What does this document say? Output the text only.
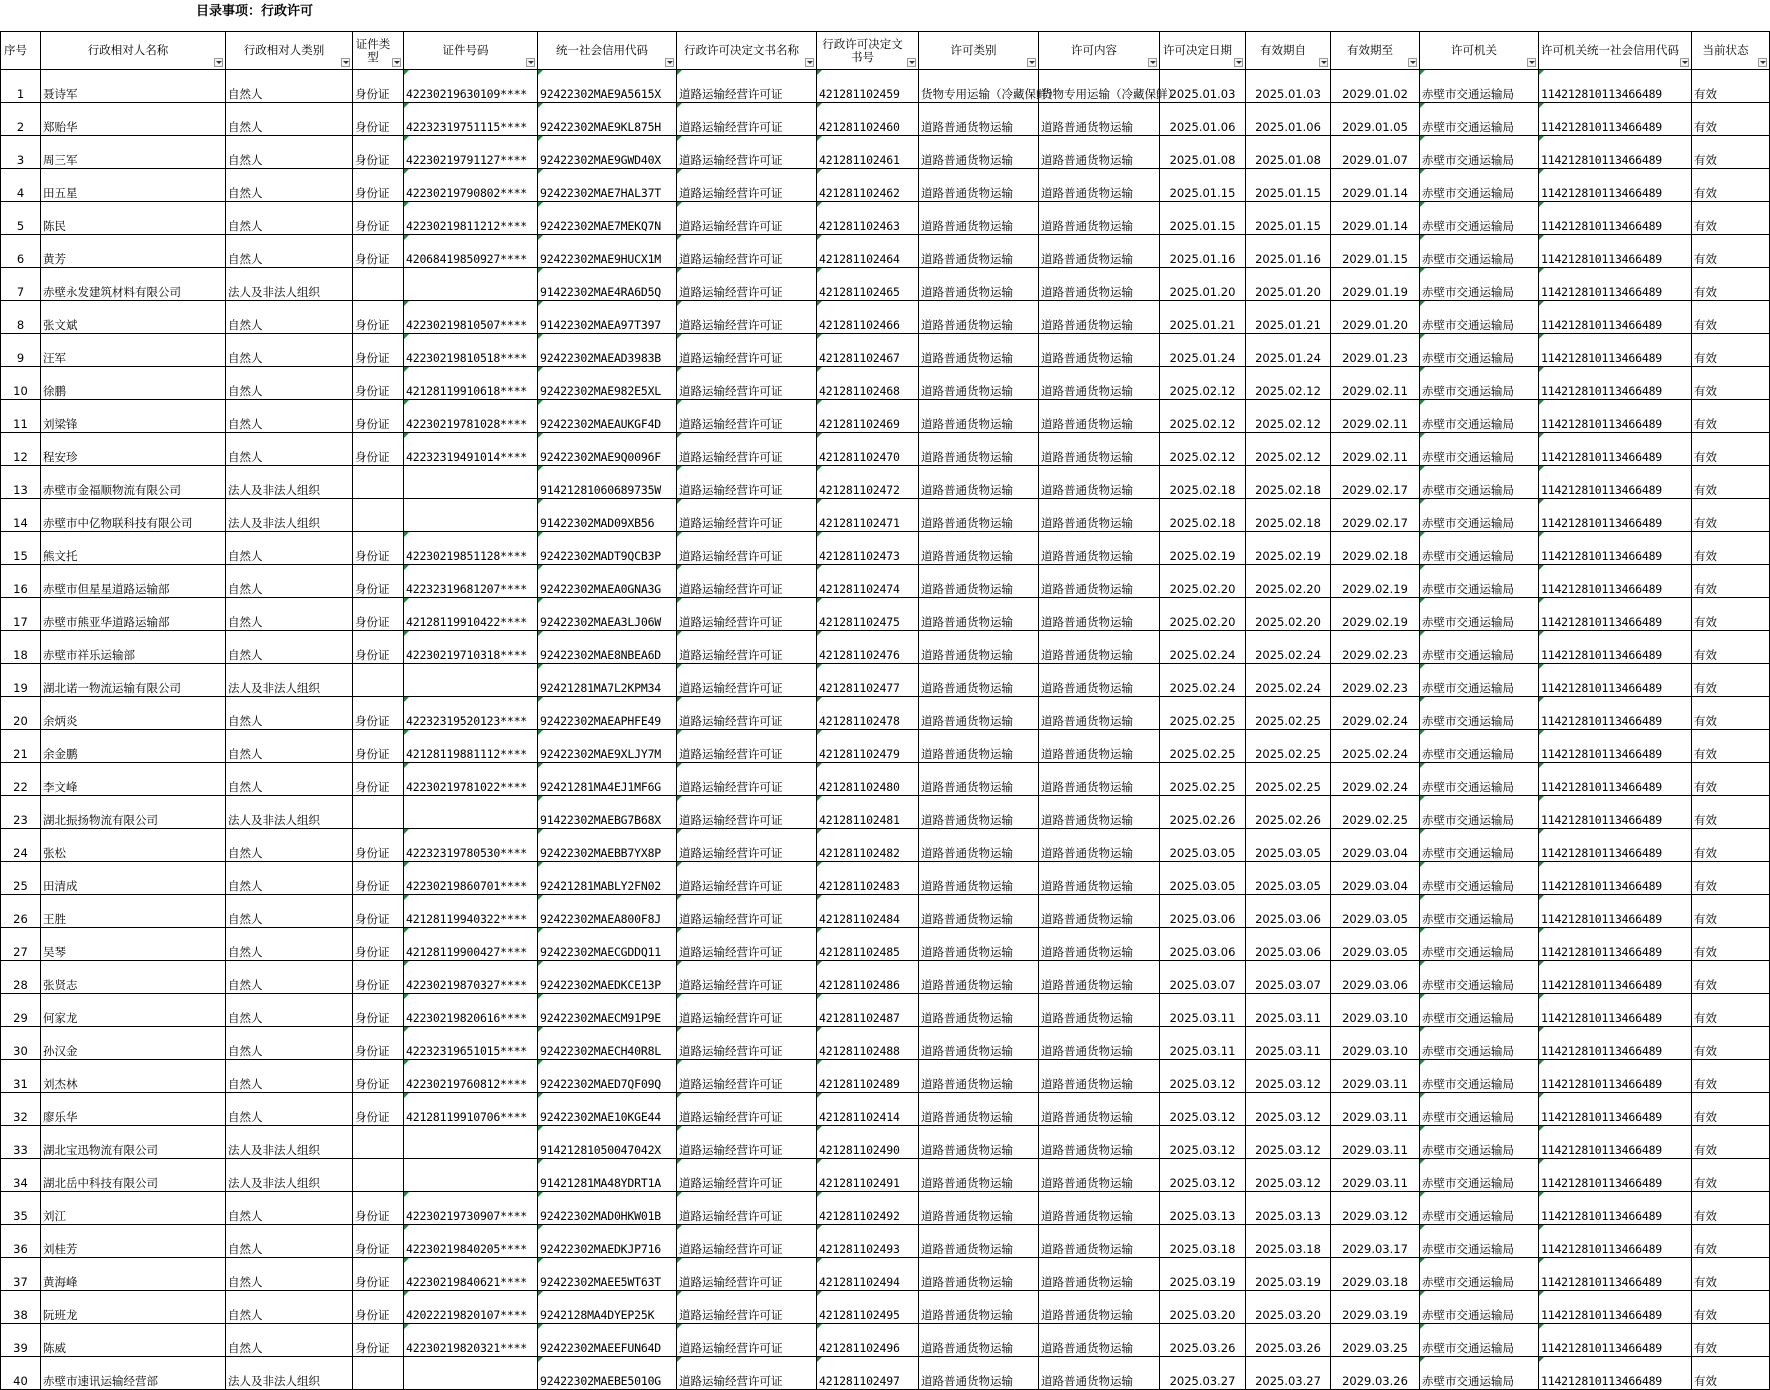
目录事项：行政许可
序号	行政相对人名称	行政相对人类别	证件类型	证件号码	统一社会信用代码	行政许可决定文书名称	行政许可决定文书号	许可类别	许可内容	许可决定日期	有效期自	有效期至	许可机关	许可机关统一社会信用代码	当前状态

1	聂诗军	自然人	身份证	42230219630109****	92422302MAE9A5615X	道路运输经营许可证	421281102459	货物专用运输（冷藏保鲜）	货物专用运输（冷藏保鲜）	2025.01.03	2025.01.03	2029.01.02	赤壁市交通运输局	114212810113466489	有效
2	郑贻华	自然人	身份证	42232319751115****	92422302MAE9KL875H	道路运输经营许可证	421281102460	道路普通货物运输	道路普通货物运输	2025.01.06	2025.01.06	2029.01.05	赤壁市交通运输局	114212810113466489	有效
3	周三军	自然人	身份证	42230219791127****	92422302MAE9GWD40X	道路运输经营许可证	421281102461	道路普通货物运输	道路普通货物运输	2025.01.08	2025.01.08	2029.01.07	赤壁市交通运输局	114212810113466489	有效
4	田五星	自然人	身份证	42230219790802****	92422302MAE7HAL37T	道路运输经营许可证	421281102462	道路普通货物运输	道路普通货物运输	2025.01.15	2025.01.15	2029.01.14	赤壁市交通运输局	114212810113466489	有效
5	陈民	自然人	身份证	42230219811212****	92422302MAE7MEKQ7N	道路运输经营许可证	421281102463	道路普通货物运输	道路普通货物运输	2025.01.15	2025.01.15	2029.01.14	赤壁市交通运输局	114212810113466489	有效
6	黄芳	自然人	身份证	42068419850927****	92422302MAE9HUCX1M	道路运输经营许可证	421281102464	道路普通货物运输	道路普通货物运输	2025.01.16	2025.01.16	2029.01.15	赤壁市交通运输局	114212810113466489	有效
7	赤壁永发建筑材料有限公司	法人及非法人组织			91422302MAE4RA6D5Q	道路运输经营许可证	421281102465	道路普通货物运输	道路普通货物运输	2025.01.20	2025.01.20	2029.01.19	赤壁市交通运输局	114212810113466489	有效
8	张文斌	自然人	身份证	42230219810507****	91422302MAEA97T397	道路运输经营许可证	421281102466	道路普通货物运输	道路普通货物运输	2025.01.21	2025.01.21	2029.01.20	赤壁市交通运输局	114212810113466489	有效
9	汪军	自然人	身份证	42230219810518****	92422302MAEAD3983B	道路运输经营许可证	421281102467	道路普通货物运输	道路普通货物运输	2025.01.24	2025.01.24	2029.01.23	赤壁市交通运输局	114212810113466489	有效
10	徐鹏	自然人	身份证	42128119910618****	92422302MAE982E5XL	道路运输经营许可证	421281102468	道路普通货物运输	道路普通货物运输	2025.02.12	2025.02.12	2029.02.11	赤壁市交通运输局	114212810113466489	有效
11	刘梁锋	自然人	身份证	42230219781028****	92422302MAEAUKGF4D	道路运输经营许可证	421281102469	道路普通货物运输	道路普通货物运输	2025.02.12	2025.02.12	2029.02.11	赤壁市交通运输局	114212810113466489	有效
12	程安珍	自然人	身份证	42232319491014****	92422302MAE9Q0096F	道路运输经营许可证	421281102470	道路普通货物运输	道路普通货物运输	2025.02.12	2025.02.12	2029.02.11	赤壁市交通运输局	114212810113466489	有效
13	赤壁市金福顺物流有限公司	法人及非法人组织			91421281060689735W	道路运输经营许可证	421281102472	道路普通货物运输	道路普通货物运输	2025.02.18	2025.02.18	2029.02.17	赤壁市交通运输局	114212810113466489	有效
14	赤壁市中亿物联科技有限公司	法人及非法人组织			91422302MAD09XB56	道路运输经营许可证	421281102471	道路普通货物运输	道路普通货物运输	2025.02.18	2025.02.18	2029.02.17	赤壁市交通运输局	114212810113466489	有效
15	熊文托	自然人	身份证	42230219851128****	92422302MADT9QCB3P	道路运输经营许可证	421281102473	道路普通货物运输	道路普通货物运输	2025.02.19	2025.02.19	2029.02.18	赤壁市交通运输局	114212810113466489	有效
16	赤壁市但星星道路运输部	自然人	身份证	42232319681207****	92422302MAEA0GNA3G	道路运输经营许可证	421281102474	道路普通货物运输	道路普通货物运输	2025.02.20	2025.02.20	2029.02.19	赤壁市交通运输局	114212810113466489	有效
17	赤壁市熊亚华道路运输部	自然人	身份证	42128119910422****	92422302MAEA3LJ06W	道路运输经营许可证	421281102475	道路普通货物运输	道路普通货物运输	2025.02.20	2025.02.20	2029.02.19	赤壁市交通运输局	114212810113466489	有效
18	赤壁市祥乐运输部	自然人	身份证	42230219710318****	92422302MAE8NBEA6D	道路运输经营许可证	421281102476	道路普通货物运输	道路普通货物运输	2025.02.24	2025.02.24	2029.02.23	赤壁市交通运输局	114212810113466489	有效
19	湖北诺一物流运输有限公司	法人及非法人组织			92421281MA7L2KPM34	道路运输经营许可证	421281102477	道路普通货物运输	道路普通货物运输	2025.02.24	2025.02.24	2029.02.23	赤壁市交通运输局	114212810113466489	有效
20	余炳炎	自然人	身份证	42232319520123****	92422302MAEAPHFE49	道路运输经营许可证	421281102478	道路普通货物运输	道路普通货物运输	2025.02.25	2025.02.25	2029.02.24	赤壁市交通运输局	114212810113466489	有效
21	余金鹏	自然人	身份证	42128119881112****	92422302MAE9XLJY7M	道路运输经营许可证	421281102479	道路普通货物运输	道路普通货物运输	2025.02.25	2025.02.25	2025.02.24	赤壁市交通运输局	114212810113466489	有效
22	李文峰	自然人	身份证	42230219781022****	92421281MA4EJ1MF6G	道路运输经营许可证	421281102480	道路普通货物运输	道路普通货物运输	2025.02.25	2025.02.25	2029.02.24	赤壁市交通运输局	114212810113466489	有效
23	湖北振扬物流有限公司	法人及非法人组织			91422302MAEBG7B68X	道路运输经营许可证	421281102481	道路普通货物运输	道路普通货物运输	2025.02.26	2025.02.26	2029.02.25	赤壁市交通运输局	114212810113466489	有效
24	张松	自然人	身份证	42232319780530****	92422302MAEBB7YX8P	道路运输经营许可证	421281102482	道路普通货物运输	道路普通货物运输	2025.03.05	2025.03.05	2029.03.04	赤壁市交通运输局	114212810113466489	有效
25	田清成	自然人	身份证	42230219860701****	92421281MABLY2FN02	道路运输经营许可证	421281102483	道路普通货物运输	道路普通货物运输	2025.03.05	2025.03.05	2029.03.04	赤壁市交通运输局	114212810113466489	有效
26	王胜	自然人	身份证	42128119940322****	92422302MAEA800F8J	道路运输经营许可证	421281102484	道路普通货物运输	道路普通货物运输	2025.03.06	2025.03.06	2029.03.05	赤壁市交通运输局	114212810113466489	有效
27	吴琴	自然人	身份证	42128119900427****	92422302MAECGDDQ11	道路运输经营许可证	421281102485	道路普通货物运输	道路普通货物运输	2025.03.06	2025.03.06	2029.03.05	赤壁市交通运输局	114212810113466489	有效
28	张贤志	自然人	身份证	42230219870327****	92422302MAEDKCE13P	道路运输经营许可证	421281102486	道路普通货物运输	道路普通货物运输	2025.03.07	2025.03.07	2029.03.06	赤壁市交通运输局	114212810113466489	有效
29	何家龙	自然人	身份证	42230219820616****	92422302MAECM91P9E	道路运输经营许可证	421281102487	道路普通货物运输	道路普通货物运输	2025.03.11	2025.03.11	2029.03.10	赤壁市交通运输局	114212810113466489	有效
30	孙汉金	自然人	身份证	42232319651015****	92422302MAECH40R8L	道路运输经营许可证	421281102488	道路普通货物运输	道路普通货物运输	2025.03.11	2025.03.11	2029.03.10	赤壁市交通运输局	114212810113466489	有效
31	刘杰林	自然人	身份证	42230219760812****	92422302MAED7QF09Q	道路运输经营许可证	421281102489	道路普通货物运输	道路普通货物运输	2025.03.12	2025.03.12	2029.03.11	赤壁市交通运输局	114212810113466489	有效
32	廖乐华	自然人	身份证	42128119910706****	92422302MAE10KGE44	道路运输经营许可证	421281102414	道路普通货物运输	道路普通货物运输	2025.03.12	2025.03.12	2029.03.11	赤壁市交通运输局	114212810113466489	有效
33	湖北宝迅物流有限公司	法人及非法人组织			91421281050047042X	道路运输经营许可证	421281102490	道路普通货物运输	道路普通货物运输	2025.03.12	2025.03.12	2029.03.11	赤壁市交通运输局	114212810113466489	有效
34	湖北岳中科技有限公司	法人及非法人组织			91421281MA48YDRT1A	道路运输经营许可证	421281102491	道路普通货物运输	道路普通货物运输	2025.03.12	2025.03.12	2029.03.11	赤壁市交通运输局	114212810113466489	有效
35	刘江	自然人	身份证	42230219730907****	92422302MAD0HKW01B	道路运输经营许可证	421281102492	道路普通货物运输	道路普通货物运输	2025.03.13	2025.03.13	2029.03.12	赤壁市交通运输局	114212810113466489	有效
36	刘桂芳	自然人	身份证	42230219840205****	92422302MAEDKJP716	道路运输经营许可证	421281102493	道路普通货物运输	道路普通货物运输	2025.03.18	2025.03.18	2029.03.17	赤壁市交通运输局	114212810113466489	有效
37	黄海峰	自然人	身份证	42230219840621****	92422302MAEE5WT63T	道路运输经营许可证	421281102494	道路普通货物运输	道路普通货物运输	2025.03.19	2025.03.19	2029.03.18	赤壁市交通运输局	114212810113466489	有效
38	阮班龙	自然人	身份证	42022219820107****	9242128MA4DYEP25K	道路运输经营许可证	421281102495	道路普通货物运输	道路普通货物运输	2025.03.20	2025.03.20	2029.03.19	赤壁市交通运输局	114212810113466489	有效
39	陈威	自然人	身份证	42230219820321****	92422302MAEEFUN64D	道路运输经营许可证	421281102496	道路普通货物运输	道路普通货物运输	2025.03.26	2025.03.26	2029.03.25	赤壁市交通运输局	114212810113466489	有效
40	赤壁市速讯运输经营部	法人及非法人组织			92422302MAEBE5010G	道路运输经营许可证	421281102497	道路普通货物运输	道路普通货物运输	2025.03.27	2025.03.27	2029.03.26	赤壁市交通运输局	114212810113466489	有效
